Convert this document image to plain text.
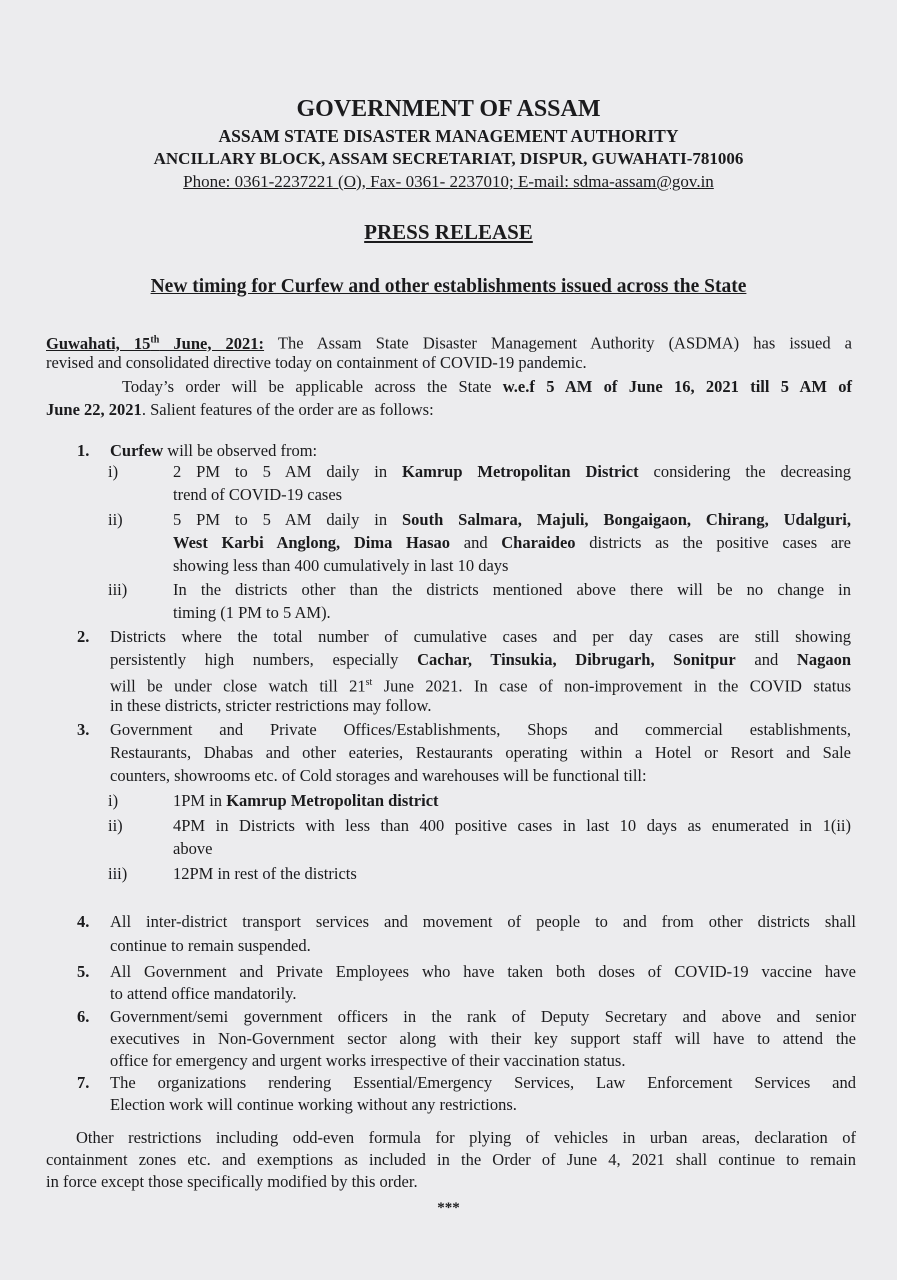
GOVERNMENT OF ASSAM
ASSAM STATE DISASTER MANAGEMENT AUTHORITY
ANCILLARY BLOCK, ASSAM SECRETARIAT, DISPUR, GUWAHATI-781006
Phone: 0361-2237221 (O), Fax- 0361- 2237010; E-mail: sdma-assam@gov.in
PRESS RELEASE
New timing for Curfew and other establishments issued across the State
Guwahati, 15th June, 2021: The Assam State Disaster Management Authority (ASDMA) has issued a
revised and consolidated directive today on containment of COVID-19 pandemic.
Today’s order will be applicable across the State w.e.f 5 AM of June 16, 2021 till 5 AM of
June 22, 2021. Salient features of the order are as follows:
1. Curfew will be observed from:
i)	2 PM to 5 AM daily in Kamrup Metropolitan District considering the decreasing
trend of COVID-19 cases
ii)	5 PM to 5 AM daily in South Salmara, Majuli, Bongaigaon, Chirang, Udalguri,
West Karbi Anglong, Dima Hasao and Charaideo districts as the positive cases are
showing less than 400 cumulatively in last 10 days
iii)	In the districts other than the districts mentioned above there will be no change in
timing (1 PM to 5 AM).
2. Districts where the total number of cumulative cases and per day cases are still showing
persistently high numbers, especially Cachar, Tinsukia, Dibrugarh, Sonitpur and Nagaon
will be under close watch till 21st June 2021. In case of non-improvement in the COVID status
in these districts, stricter restrictions may follow.
3. Government and Private Offices/Establishments, Shops and commercial establishments,
Restaurants, Dhabas and other eateries, Restaurants operating within a Hotel or Resort and Sale
counters, showrooms etc. of Cold storages and warehouses will be functional till:
i)	1PM in Kamrup Metropolitan district
ii)	4PM in Districts with less than 400 positive cases in last 10 days as enumerated in 1(ii)
above
iii)	12PM in rest of the districts
4. All inter-district transport services and movement of people to and from other districts shall
continue to remain suspended.
5. All Government and Private Employees who have taken both doses of COVID-19 vaccine have
to attend office mandatorily.
6. Government/semi government officers in the rank of Deputy Secretary and above and senior
executives in Non-Government sector along with their key support staff will have to attend the
office for emergency and urgent works irrespective of their vaccination status.
7. The organizations rendering Essential/Emergency Services, Law Enforcement Services and
Election work will continue working without any restrictions.
Other restrictions including odd-even formula for plying of vehicles in urban areas, declaration of
containment zones etc. and exemptions as included in the Order of June 4, 2021 shall continue to remain
in force except those specifically modified by this order.
***
